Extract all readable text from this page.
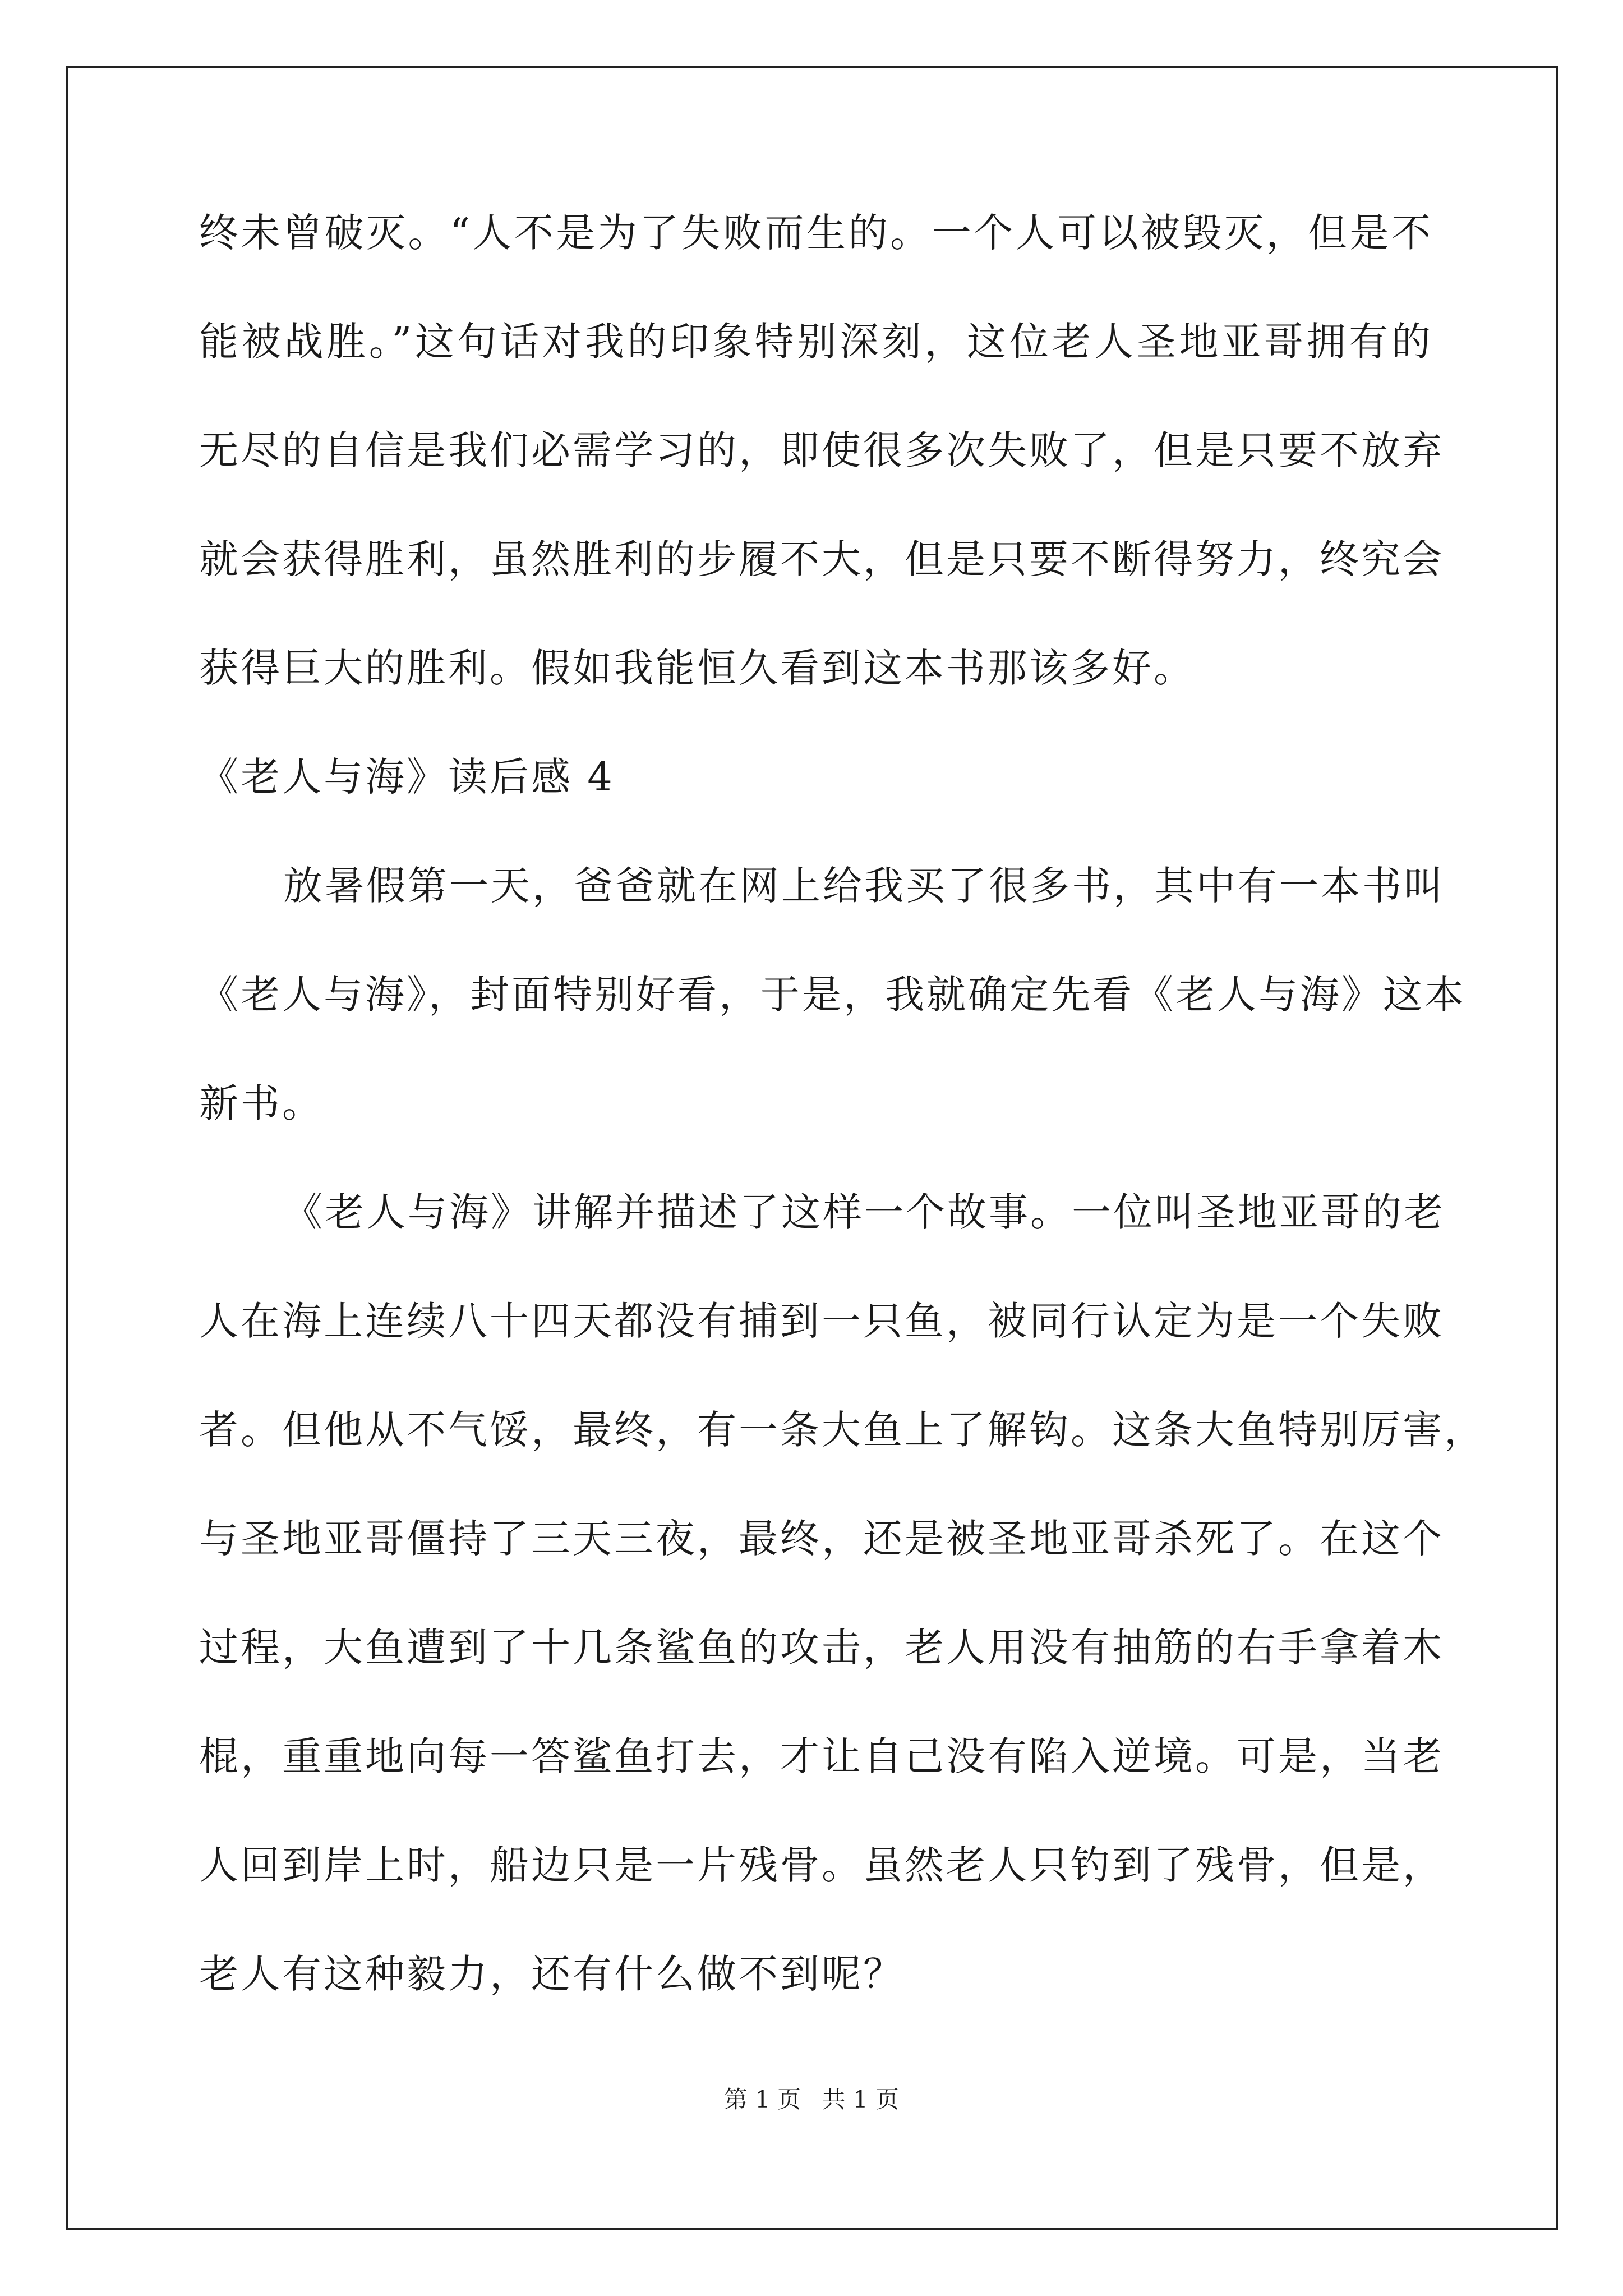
终未曾破灭。“人不是为了失败而生的。一个人可以被毁灭，但是不
能被战胜。”这句话对我的印象特别深刻，这位老人圣地亚哥拥有的
无尽的自信是我们必需学习的，即使很多次失败了，但是只要不放弃
就会获得胜利，虽然胜利的步履不大，但是只要不断得努力，终究会
获得巨大的胜利。假如我能恒久看到这本书那该多好。
《老人与海》读后感 4
放暑假第一天，爸爸就在网上给我买了很多书，其中有一本书叫
《老人与海》，封面特别好看，于是，我就确定先看《老人与海》这本
新书。
《老人与海》讲解并描述了这样一个故事。一位叫圣地亚哥的老
人在海上连续八十四天都没有捕到一只鱼，被同行认定为是一个失败
者。但他从不气馁，最终，有一条大鱼上了解钩。这条大鱼特别厉害，
与圣地亚哥僵持了三天三夜，最终，还是被圣地亚哥杀死了。在这个
过程，大鱼遭到了十几条鲨鱼的攻击，老人用没有抽筋的右手拿着木
棍，重重地向每一答鲨鱼打去，才让自己没有陷入逆境。可是，当老
人回到岸上时，船边只是一片残骨。虽然老人只钓到了残骨，但是，
老人有这种毅力，还有什么做不到呢？
第 1 页 共 1 页
